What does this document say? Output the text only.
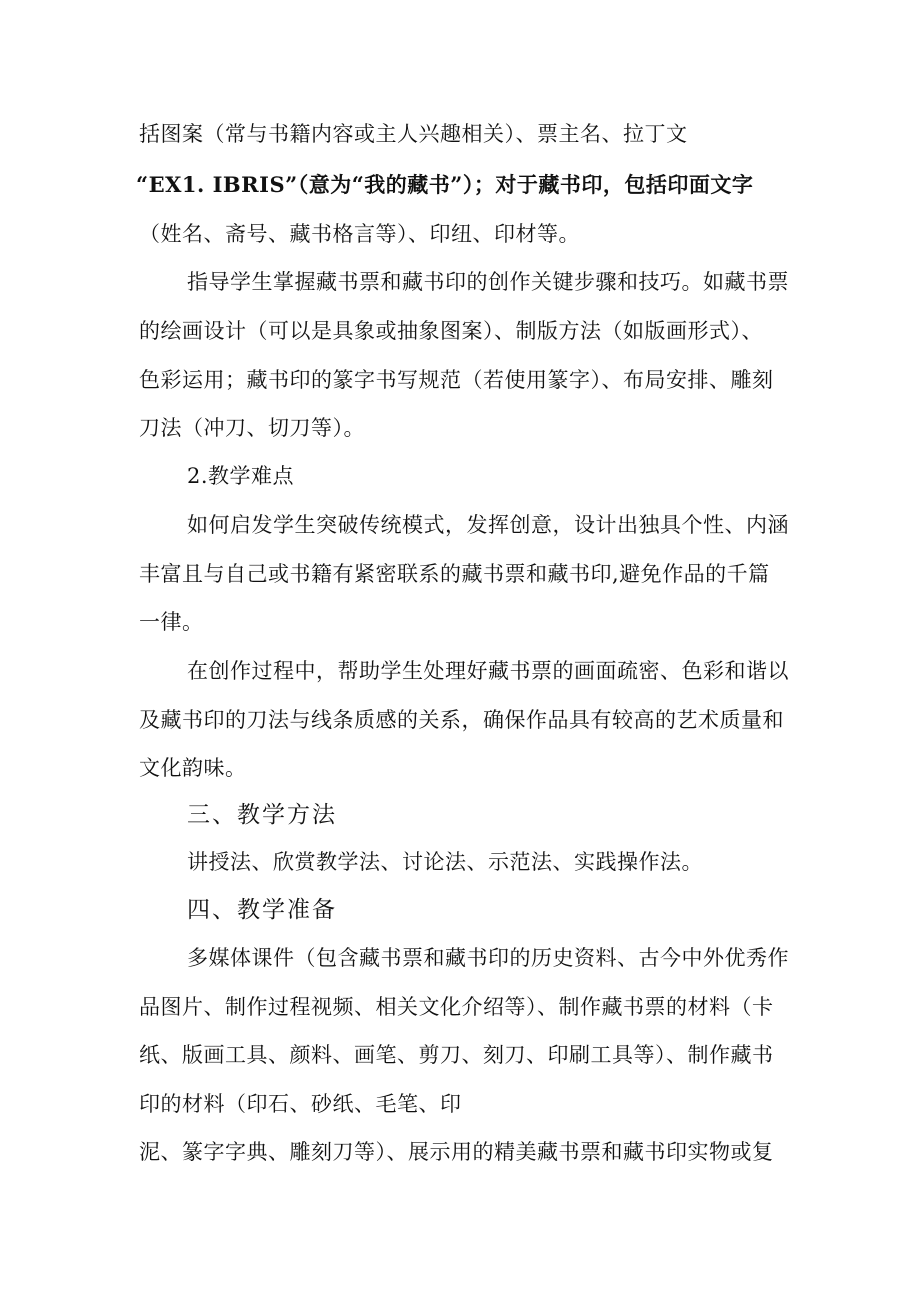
括图案（常与书籍内容或主人兴趣相关）、票主名、拉丁文
“EX1. IBRIS”（意为“我的藏书”）；对于藏书印，包括印面文字
（姓名、斋号、藏书格言等）、印纽、印材等。
指导学生掌握藏书票和藏书印的创作关键步骤和技巧。如藏书票
的绘画设计（可以是具象或抽象图案）、制版方法（如版画形式）、
色彩运用；藏书印的篆字书写规范（若使用篆字）、布局安排、雕刻
刀法（冲刀、切刀等）。
2.教学难点
如何启发学生突破传统模式，发挥创意，设计出独具个性、内涵
丰富且与自己或书籍有紧密联系的藏书票和藏书印,避免作品的千篇
一律。
在创作过程中，帮助学生处理好藏书票的画面疏密、色彩和谐以
及藏书印的刀法与线条质感的关系，确保作品具有较高的艺术质量和
文化韵味。
三、教学方法
讲授法、欣赏教学法、讨论法、示范法、实践操作法。
四、教学准备
多媒体课件（包含藏书票和藏书印的历史资料、古今中外优秀作
品图片、制作过程视频、相关文化介绍等）、制作藏书票的材料（卡
纸、版画工具、颜料、画笔、剪刀、刻刀、印刷工具等）、制作藏书
印的材料（印石、砂纸、毛笔、印
泥、篆字字典、雕刻刀等）、展示用的精美藏书票和藏书印实物或复
